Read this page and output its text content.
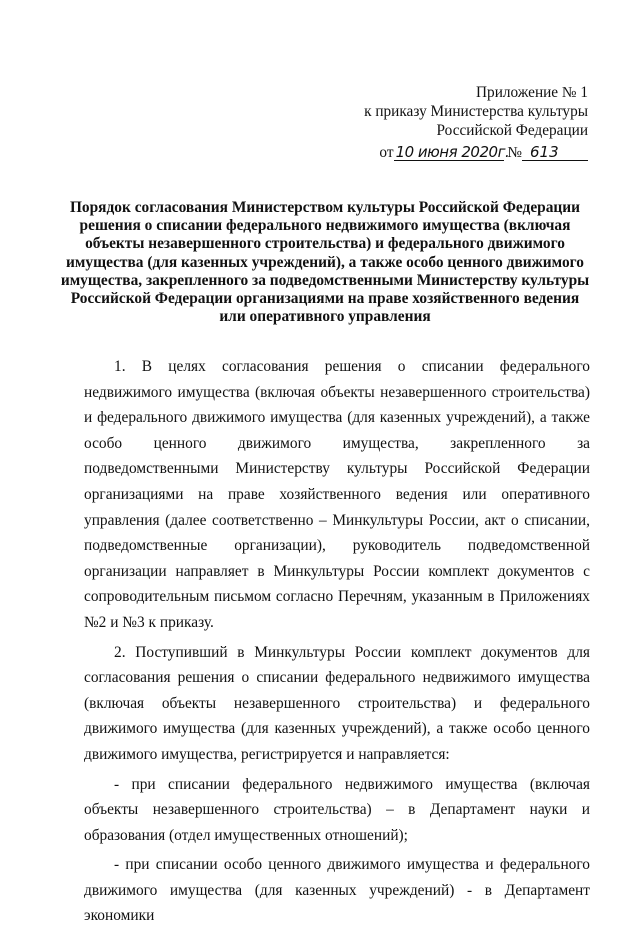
Приложение № 1
к приказу Министерства культуры
Российской Федерации
от 10 июня 2020г. № 613
Порядок согласования Министерством культуры Российской Федерации решения о списании федерального недвижимого имущества (включая объекты незавершенного строительства) и федерального движимого имущества (для казенных учреждений), а также особо ценного движимого имущества, закрепленного за подведомственными Министерству культуры Российской Федерации организациями на праве хозяйственного ведения или оперативного управления

1. В целях согласования решения о списании федерального недвижимого имущества (включая объекты незавершенного строительства) и федерального движимого имущества (для казенных учреждений), а также особо ценного движимого имущества, закрепленного за подведомственными Министерству культуры Российской Федерации организациями на праве хозяйственного ведения или оперативного управления (далее соответственно – Минкультуры России, акт о списании, подведомственные организации), руководитель подведомственной организации направляет в Минкультуры России комплект документов с сопроводительным письмом согласно Перечням, указанным в Приложениях №2 и №3 к приказу.

2. Поступивший в Минкультуры России комплект документов для согласования решения о списании федерального недвижимого имущества (включая объекты незавершенного строительства) и федерального движимого имущества (для казенных учреждений), а также особо ценного движимого имущества, регистрируется и направляется:

- при списании федерального недвижимого имущества (включая объекты незавершенного строительства) – в Департамент науки и образования (отдел имущественных отношений);

- при списании особо ценного движимого имущества и федерального движимого имущества (для казенных учреждений) - в Департамент экономики
